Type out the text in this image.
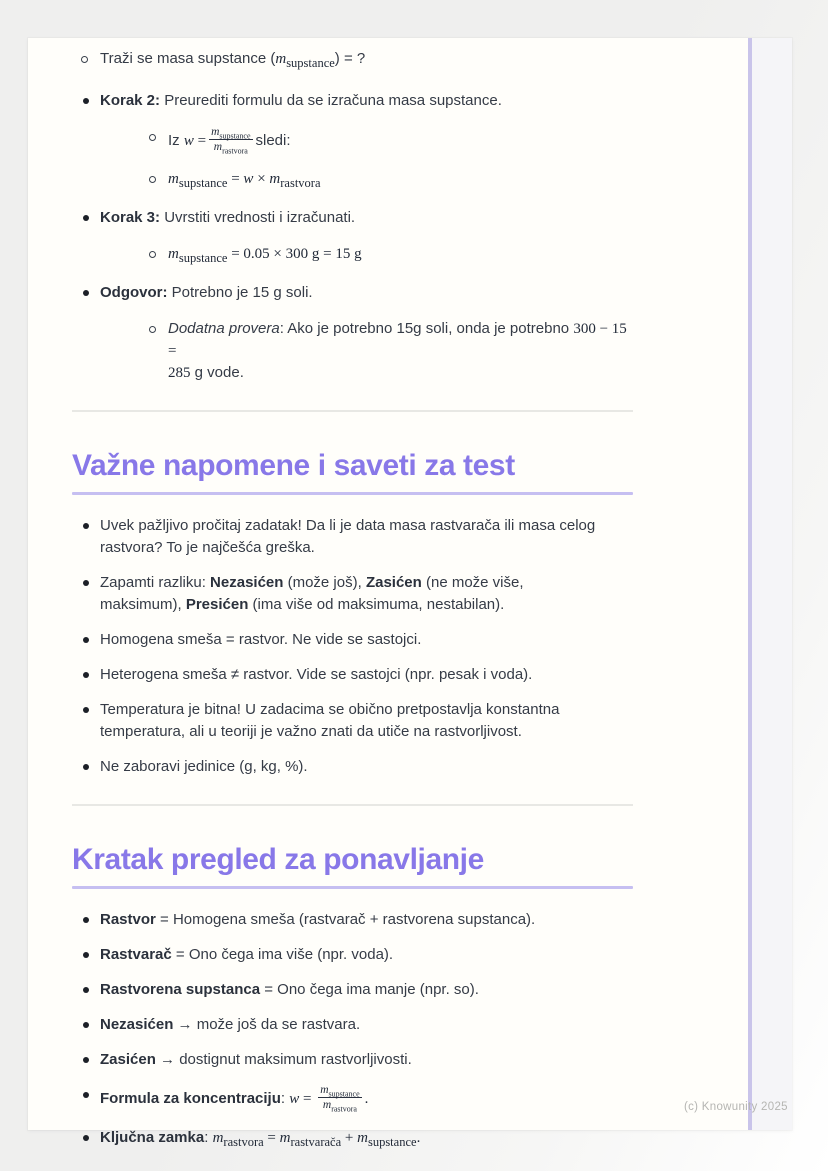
Traži se masa supstance $(m_{supstance})$ = ?
Korak 2: Preurediti formulu da se izračuna masa supstance.
Iz $w = \frac{m_{supstance}}{m_{rastvora}}$ sledi:
$m_{supstance} = w \times m_{rastvora}$
Korak 3: Uvrstiti vrednosti i izračunati.
$m_{supstance} = 0.05 \times 300$ g = 15 g
Odgovor: Potrebno je 15 g soli.
Dodatna provera: Ako je potrebno 15g soli, onda je potrebno 300 − 15 =
285 g vode.
Važne napomene i saveti za test
Uvek pažljivo pročitaj zadatak! Da li je data masa rastvarača ili masa celog
rastvora? To je najčešća greška.
Zapamti razliku: Nezasićen (može još), Zasićen (ne može više,
maksimum), Presićen (ima više od maksimuma, nestabilan).
Homogena smeša = rastvor. Ne vide se sastojci.
Heterogena smeša ≠ rastvor. Vide se sastojci (npr. pesak i voda).
Temperatura je bitna! U zadacima se obično pretpostavlja konstantna
temperatura, ali u teoriji je važno znati da utiče na rastvorljivost.
Ne zaboravi jedinice (g, kg, %).
Kratak pregled za ponavljanje
Rastvor = Homogena smeša (rastvarač + rastvorena supstanca).
Rastvarač = Ono čega ima više (npr. voda).
Rastvorena supstanca = Ono čega ima manje (npr. so).
Nezasićen → može još da se rastvara.
Zasićen → dostignut maksimum rastvorljivosti.
Formula za koncentraciju: $w = \frac{m_{supstance}}{m_{rastvora}}$ .
Ključna zamka: $m_{rastvora} = m_{rastvarača} + m_{supstance}$.
(c) Knowunity 2025
